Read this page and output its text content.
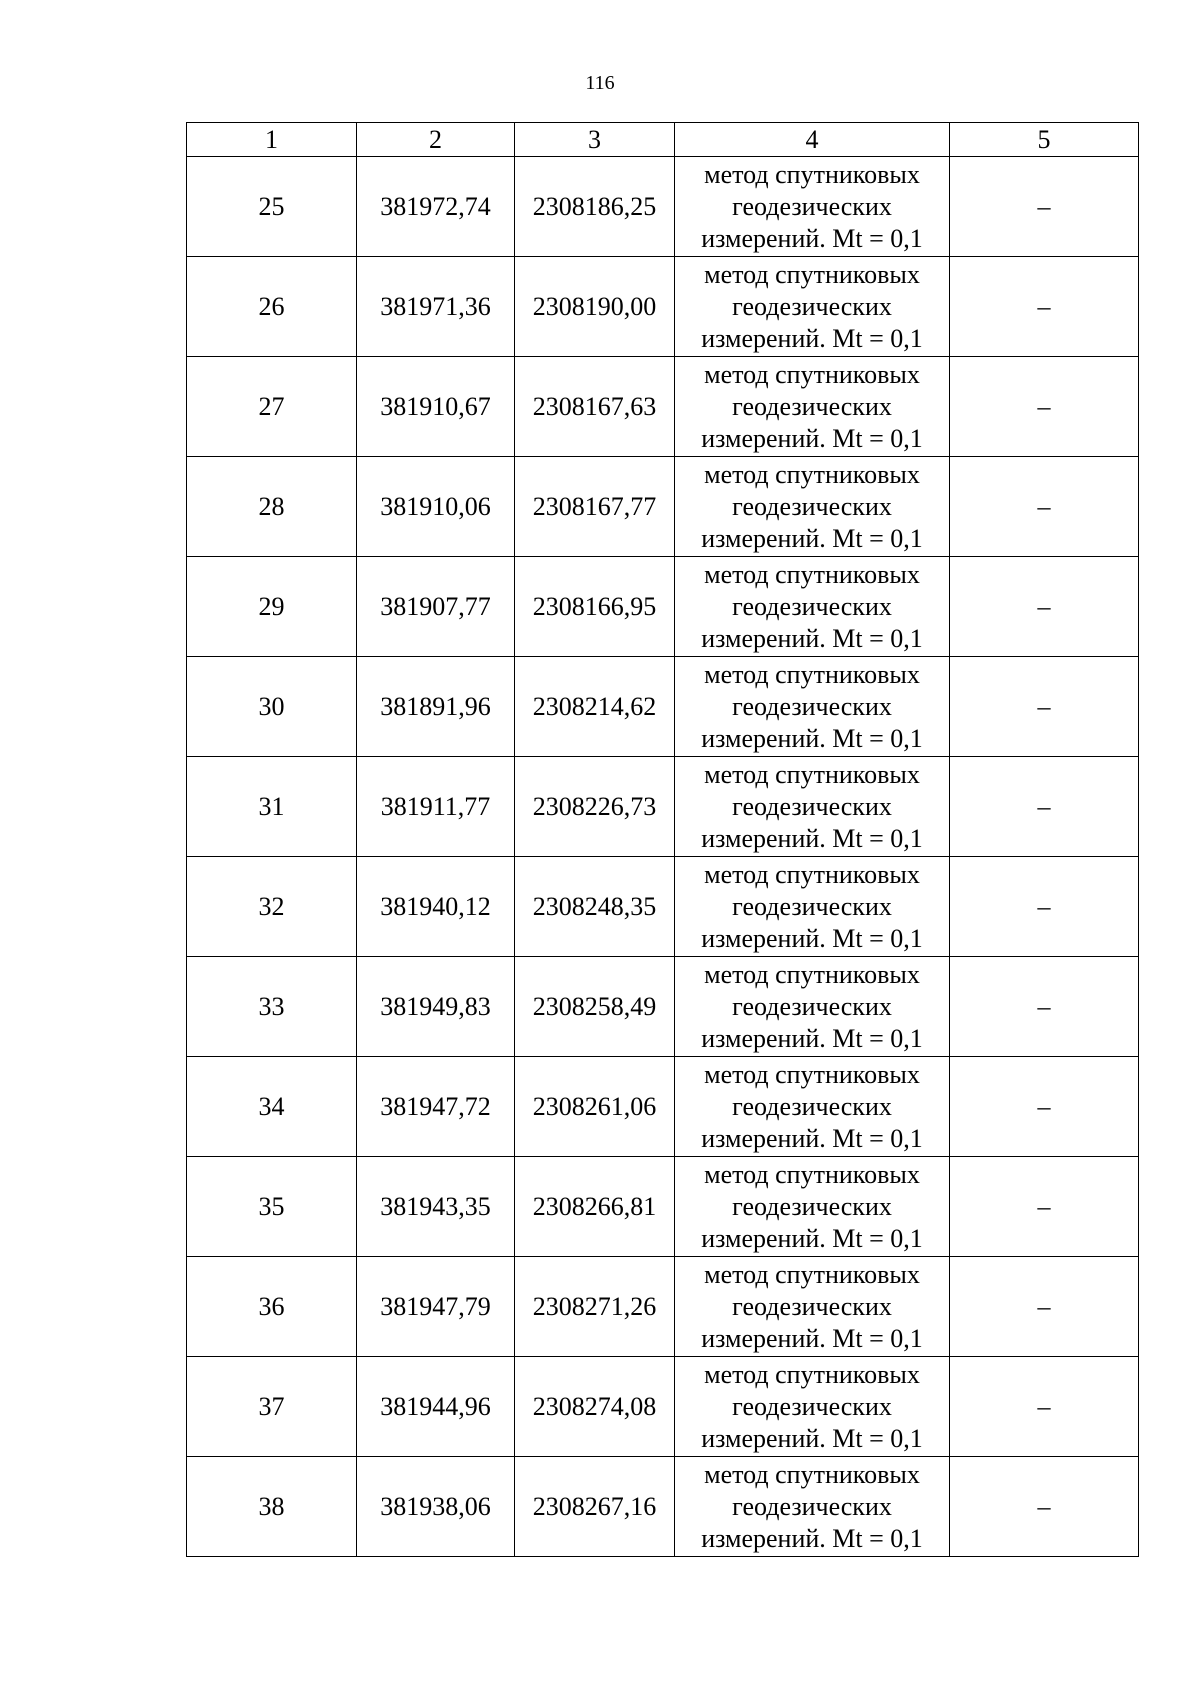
116
1	2	3	4	5
25	381972,74	2308186,25	метод спутниковых
геодезических
измерений. Mt = 0,1	–
26	381971,36	2308190,00	метод спутниковых
геодезических
измерений. Mt = 0,1	–
27	381910,67	2308167,63	метод спутниковых
геодезических
измерений. Mt = 0,1	–
28	381910,06	2308167,77	метод спутниковых
геодезических
измерений. Mt = 0,1	–
29	381907,77	2308166,95	метод спутниковых
геодезических
измерений. Mt = 0,1	–
30	381891,96	2308214,62	метод спутниковых
геодезических
измерений. Mt = 0,1	–
31	381911,77	2308226,73	метод спутниковых
геодезических
измерений. Mt = 0,1	–
32	381940,12	2308248,35	метод спутниковых
геодезических
измерений. Mt = 0,1	–
33	381949,83	2308258,49	метод спутниковых
геодезических
измерений. Mt = 0,1	–
34	381947,72	2308261,06	метод спутниковых
геодезических
измерений. Mt = 0,1	–
35	381943,35	2308266,81	метод спутниковых
геодезических
измерений. Mt = 0,1	–
36	381947,79	2308271,26	метод спутниковых
геодезических
измерений. Mt = 0,1	–
37	381944,96	2308274,08	метод спутниковых
геодезических
измерений. Mt = 0,1	–
38	381938,06	2308267,16	метод спутниковых
геодезических
измерений. Mt = 0,1	–
